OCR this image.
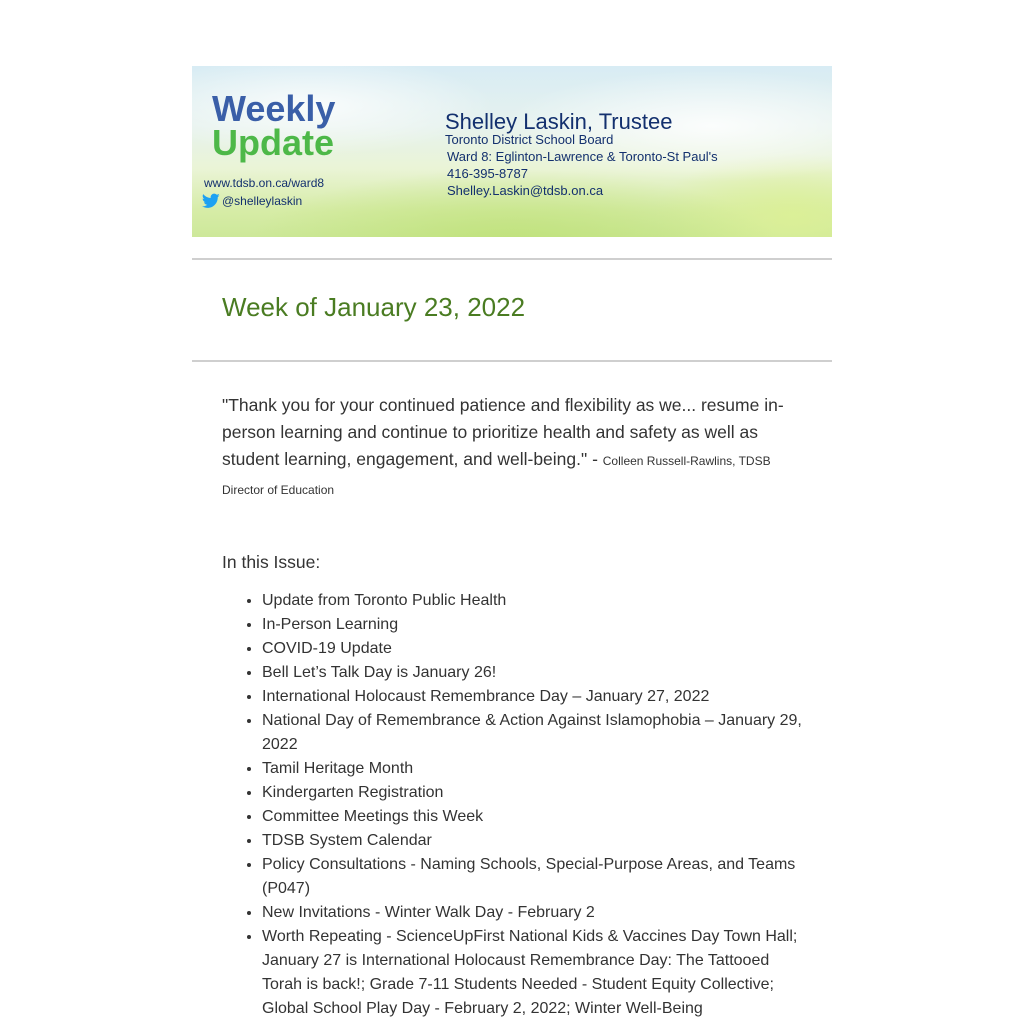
Weekly
Update
www.tdsb.on.ca/ward8
@shelleylaskin
Shelley Laskin, Trustee
Toronto District School Board
Ward 8: Eglinton-Lawrence & Toronto-St Paul's
416-395-8787
Shelley.Laskin@tdsb.on.ca
Week of January 23, 2022

"Thank you for your continued patience and flexibility as we... resume in-person learning and continue to prioritize health and safety as well as student learning, engagement, and well-being." - Colleen Russell-Rawlins, TDSB Director of Education

In this Issue:
• Update from Toronto Public Health
• In-Person Learning
• COVID-19 Update
• Bell Let’s Talk Day is January 26!
• International Holocaust Remembrance Day – January 27, 2022
• National Day of Remembrance & Action Against Islamophobia – January 29, 2022
• Tamil Heritage Month
• Kindergarten Registration
• Committee Meetings this Week
• TDSB System Calendar
• Policy Consultations - Naming Schools, Special-Purpose Areas, and Teams (P047)
• New Invitations - Winter Walk Day - February 2
• Worth Repeating - ScienceUpFirst National Kids & Vaccines Day Town Hall; January 27 is International Holocaust Remembrance Day: The Tattooed Torah is back!; Grade 7-11 Students Needed - Student Equity Collective; Global School Play Day - February 2, 2022; Winter Well-Being
